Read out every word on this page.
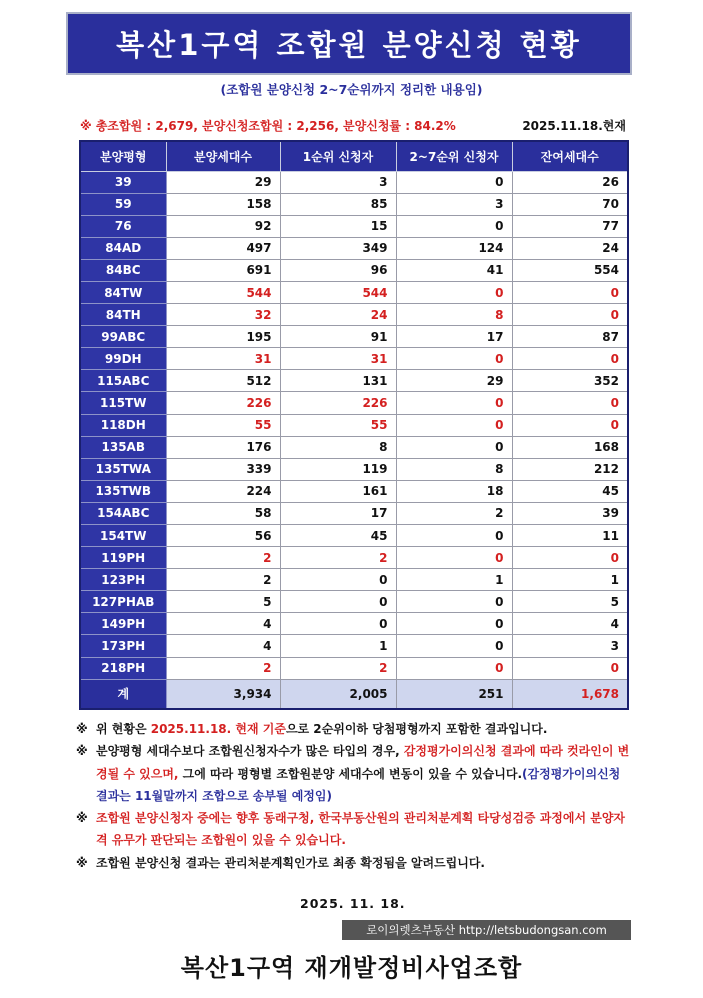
복산1구역 조합원 분양신청 현황
(조합원 분양신청 2~7순위까지 정리한 내용임)
※ 총조합원 : 2,679, 분양신청조합원 : 2,256, 분양신청률 : 84.2%	2025.11.18.현재
분양평형	분양세대수	1순위 신청자	2~7순위 신청자	잔여세대수
39	29	3	0	26
59	158	85	3	70
76	92	15	0	77
84AD	497	349	124	24
84BC	691	96	41	554
84TW	544	544	0	0
84TH	32	24	8	0
99ABC	195	91	17	87
99DH	31	31	0	0
115ABC	512	131	29	352
115TW	226	226	0	0
118DH	55	55	0	0
135AB	176	8	0	168
135TWA	339	119	8	212
135TWB	224	161	18	45
154ABC	58	17	2	39
154TW	56	45	0	11
119PH	2	2	0	0
123PH	2	0	1	1
127PHAB	5	0	0	5
149PH	4	0	0	4
173PH	4	1	0	3
218PH	2	2	0	0
계	3,934	2,005	251	1,678
※ 위 현황은 2025.11.18. 현재 기준으로 2순위이하 당첨평형까지 포함한 결과입니다.
※ 분양평형 세대수보다 조합원신청자수가 많은 타입의 경우, 감정평가이의신청 결과에 따라 컷라인이 변경될 수 있으며, 그에 따라 평형별 조합원분양 세대수에 변동이 있을 수 있습니다.(감정평가이의신청 결과는 11월말까지 조합으로 송부될 예정임)
※ 조합원 분양신청자 중에는 향후 동래구청, 한국부동산원의 관리처분계획 타당성검증 과정에서 분양자격 유무가 판단되는 조합원이 있을 수 있습니다.
※ 조합원 분양신청 결과는 관리처분계획인가로 최종 확정됨을 알려드립니다.
2025. 11. 18.
로이의렛츠부동산 http://letsbudongsan.com
복산1구역 재개발정비사업조합
